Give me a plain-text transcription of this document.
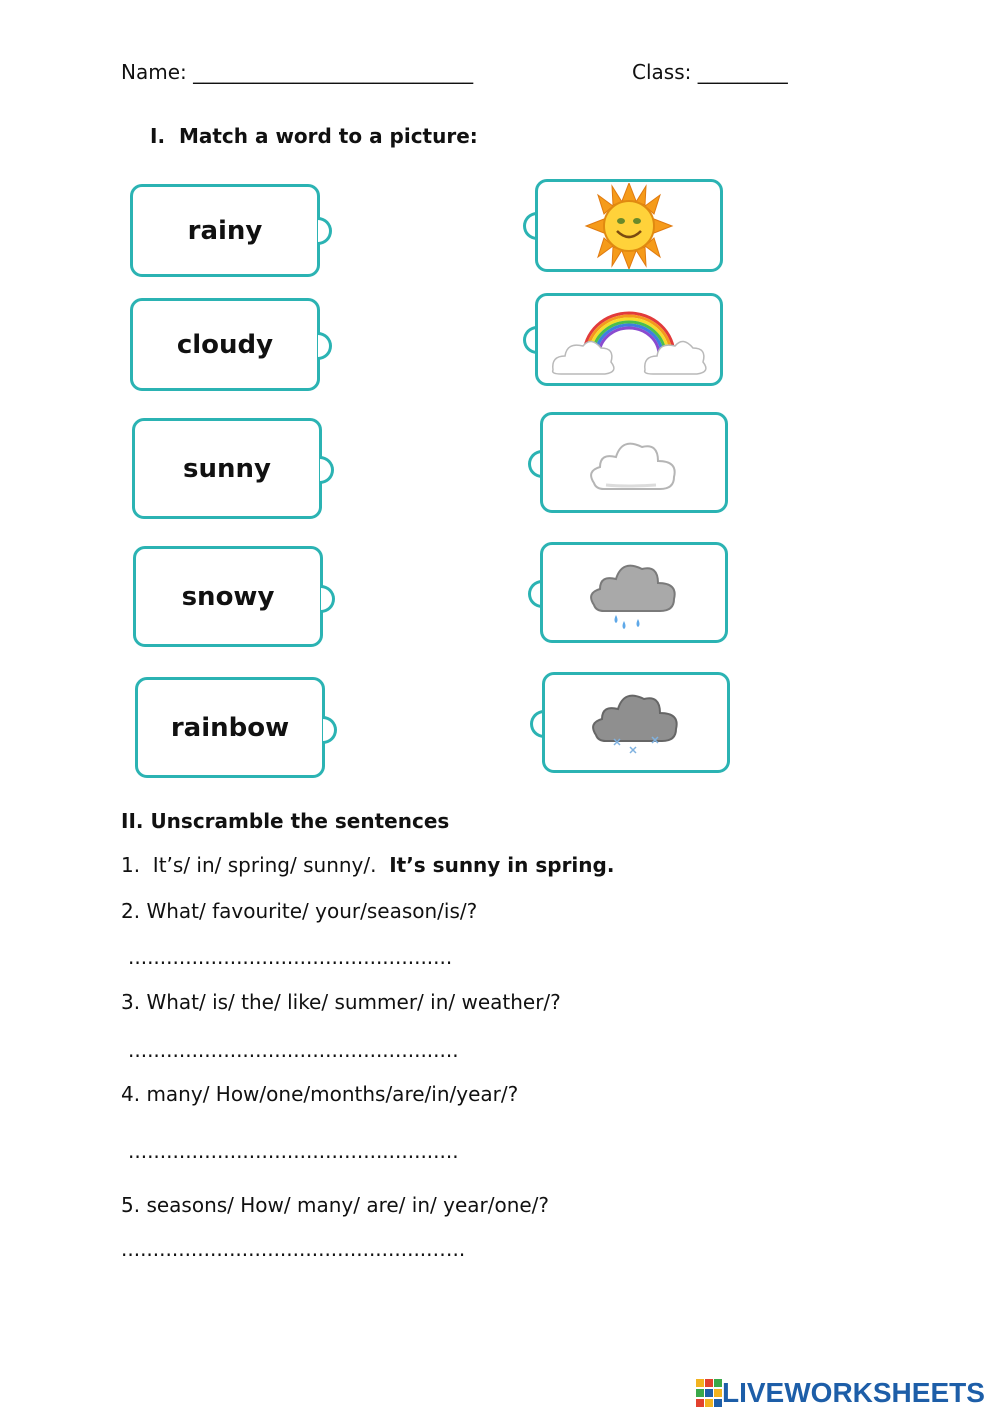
Name: ____________________________	Class: _________
I.  Match a word to a picture:
rainy
cloudy
sunny
snowy
rainbow
II. Unscramble the sentences
1.  It’s/ in/ spring/ sunny/. It’s sunny in spring.
2. What/ favourite/ your/season/is/?
...................................................
3. What/ is/ the/ like/ summer/ in/ weather/?
....................................................
4. many/ How/one/months/are/in/year/?
....................................................
5. seasons/ How/ many/ are/ in/ year/one/?
.................................................…..
LIVEWORKSHEETS
